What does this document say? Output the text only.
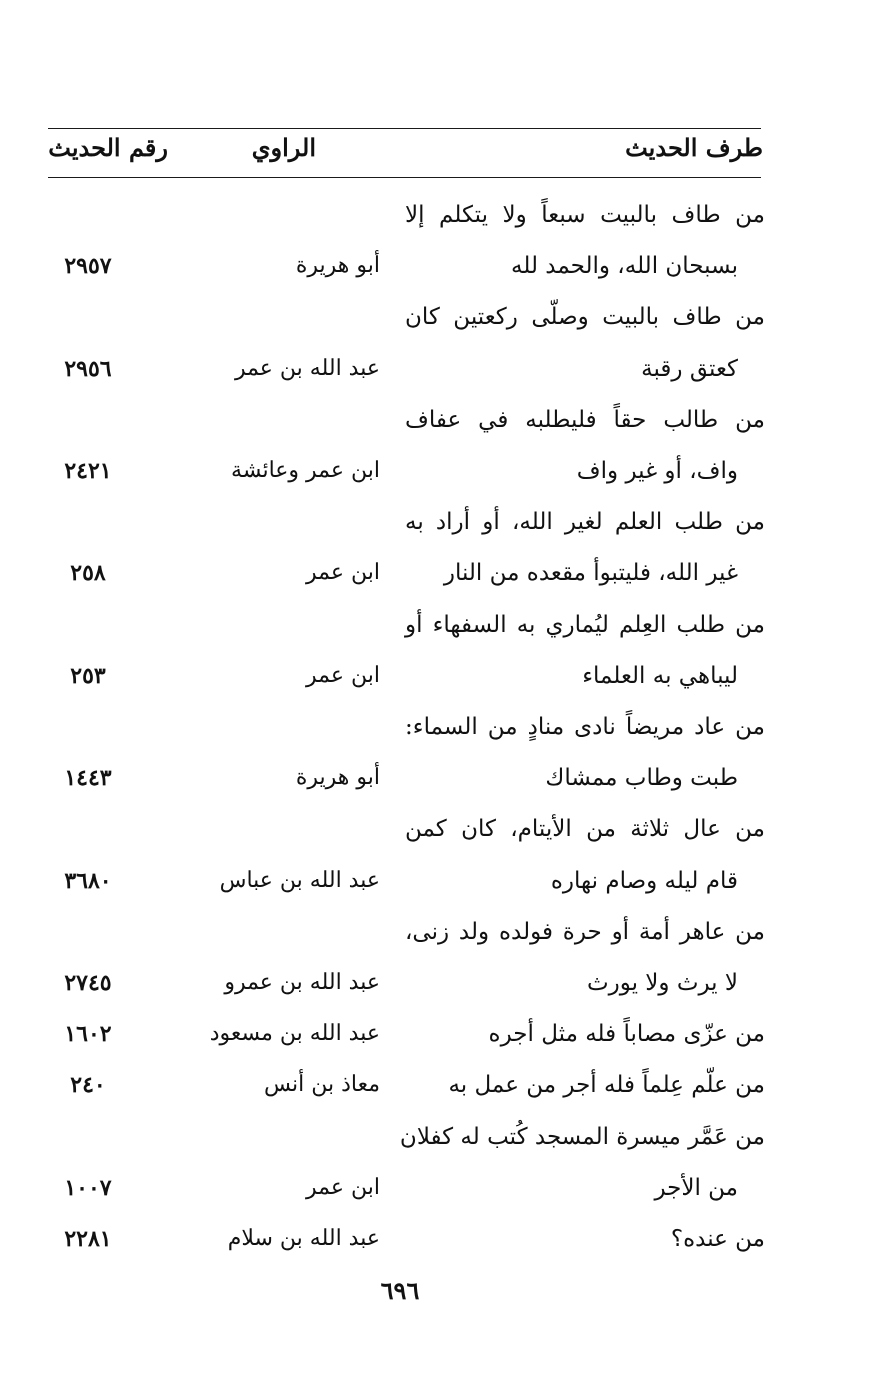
طرف الحديث
الراوي
رقم الحديث
من طاف بالبيت سبعاً ولا يتكلم إلا
بسبحان الله، والحمد لله
أبو هريرة
٢٩٥٧
من طاف بالبيت وصلّى ركعتين كان
كعتق رقبة
عبد الله بن عمر
٢٩٥٦
من طالب حقاً فليطلبه في عفاف
واف، أو غير واف
ابن عمر وعائشة
٢٤٢١
من طلب العلم لغير الله، أو أراد به
غير الله، فليتبوأ مقعده من النار
ابن عمر
٢٥٨
من طلب العِلم ليُماري به السفهاء أو
ليباهي به العلماء
ابن عمر
٢٥٣
من عاد مريضاً نادى منادٍ من السماء:
طبت وطاب ممشاك
أبو هريرة
١٤٤٣
من عال ثلاثة من الأيتام، كان كمن
قام ليله وصام نهاره
عبد الله بن عباس
٣٦٨٠
من عاهر أمة أو حرة فولده ولد زنى،
لا يرث ولا يورث
عبد الله بن عمرو
٢٧٤٥
من عزّى مصاباً فله مثل أجره
عبد الله بن مسعود
١٦٠٢
من علّم عِلماً فله أجر من عمل به
معاذ بن أنس
٢٤٠
من عَمَّر ميسرة المسجد كُتب له كفلان
من الأجر
ابن عمر
١٠٠٧
من عنده؟
عبد الله بن سلام
٢٢٨١
٦٩٦
